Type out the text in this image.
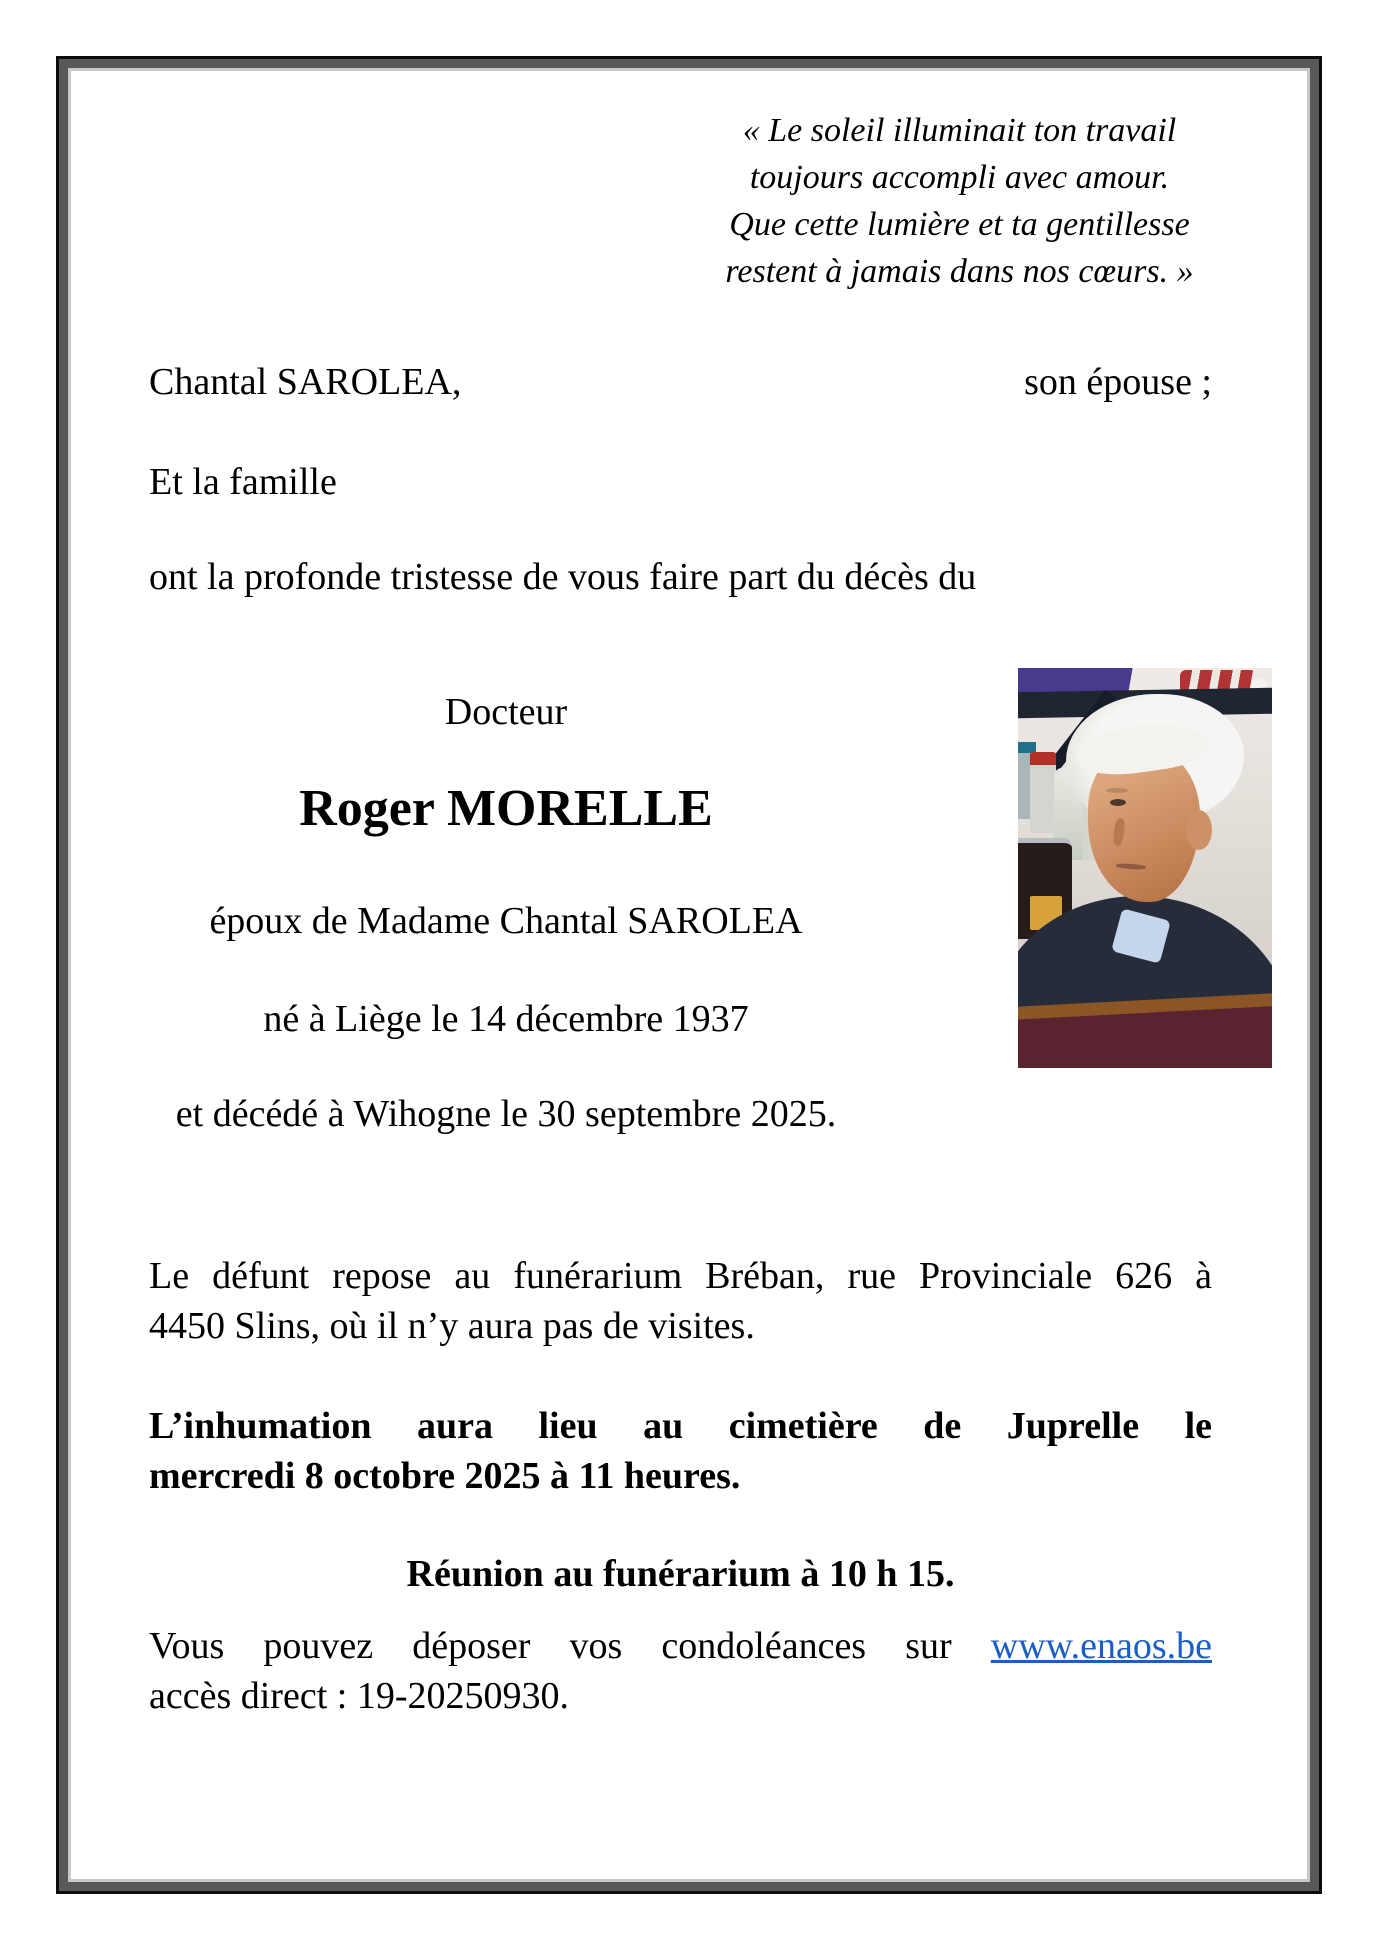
« Le soleil illuminait ton travail
toujours accompli avec amour.
Que cette lumière et ta gentillesse
restent à jamais dans nos cœurs. »
Chantal SAROLEA,	son épouse ;
Et la famille
ont la profonde tristesse de vous faire part du décès du
Docteur
Roger MORELLE
époux de Madame Chantal SAROLEA
né à Liège le 14 décembre 1937
et décédé à Wihogne le 30 septembre 2025.
Le défunt repose au funérarium Bréban, rue Provinciale 626 à
4450 Slins, où il n’y aura pas de visites.
L’inhumation aura lieu au cimetière de Juprelle le
mercredi 8 octobre 2025 à 11 heures.
Réunion au funérarium à 10 h 15.
Vous pouvez déposer vos condoléances sur www.enaos.be
accès direct : 19-20250930.
